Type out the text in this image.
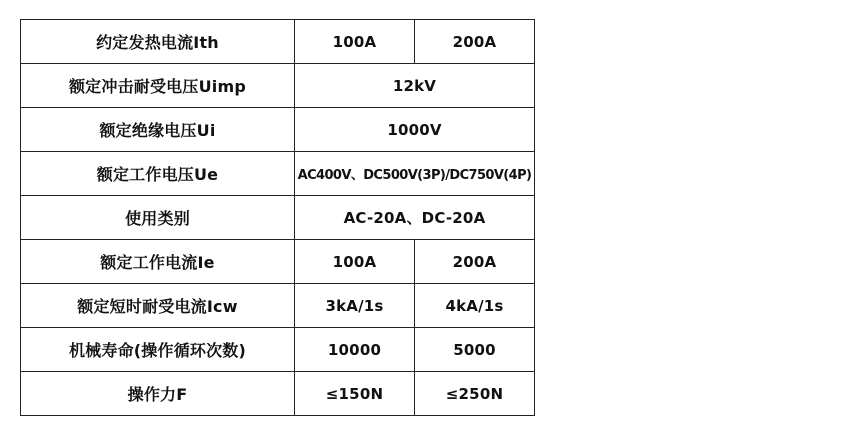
约定发热电流Ith	100A	200A
额定冲击耐受电压Uimp	12kV	
额定绝缘电压Ui	1000V	
额定工作电压Ue	AC400V、DC500V(3P)/DC750V(4P)	
使用类别	AC-20A、DC-20A	
额定工作电流Ie	100A	200A
额定短时耐受电流Icw	3kA/1s	4kA/1s
机械寿命(操作循环次数)	10000	5000
操作力F	≤150N	≤250N
